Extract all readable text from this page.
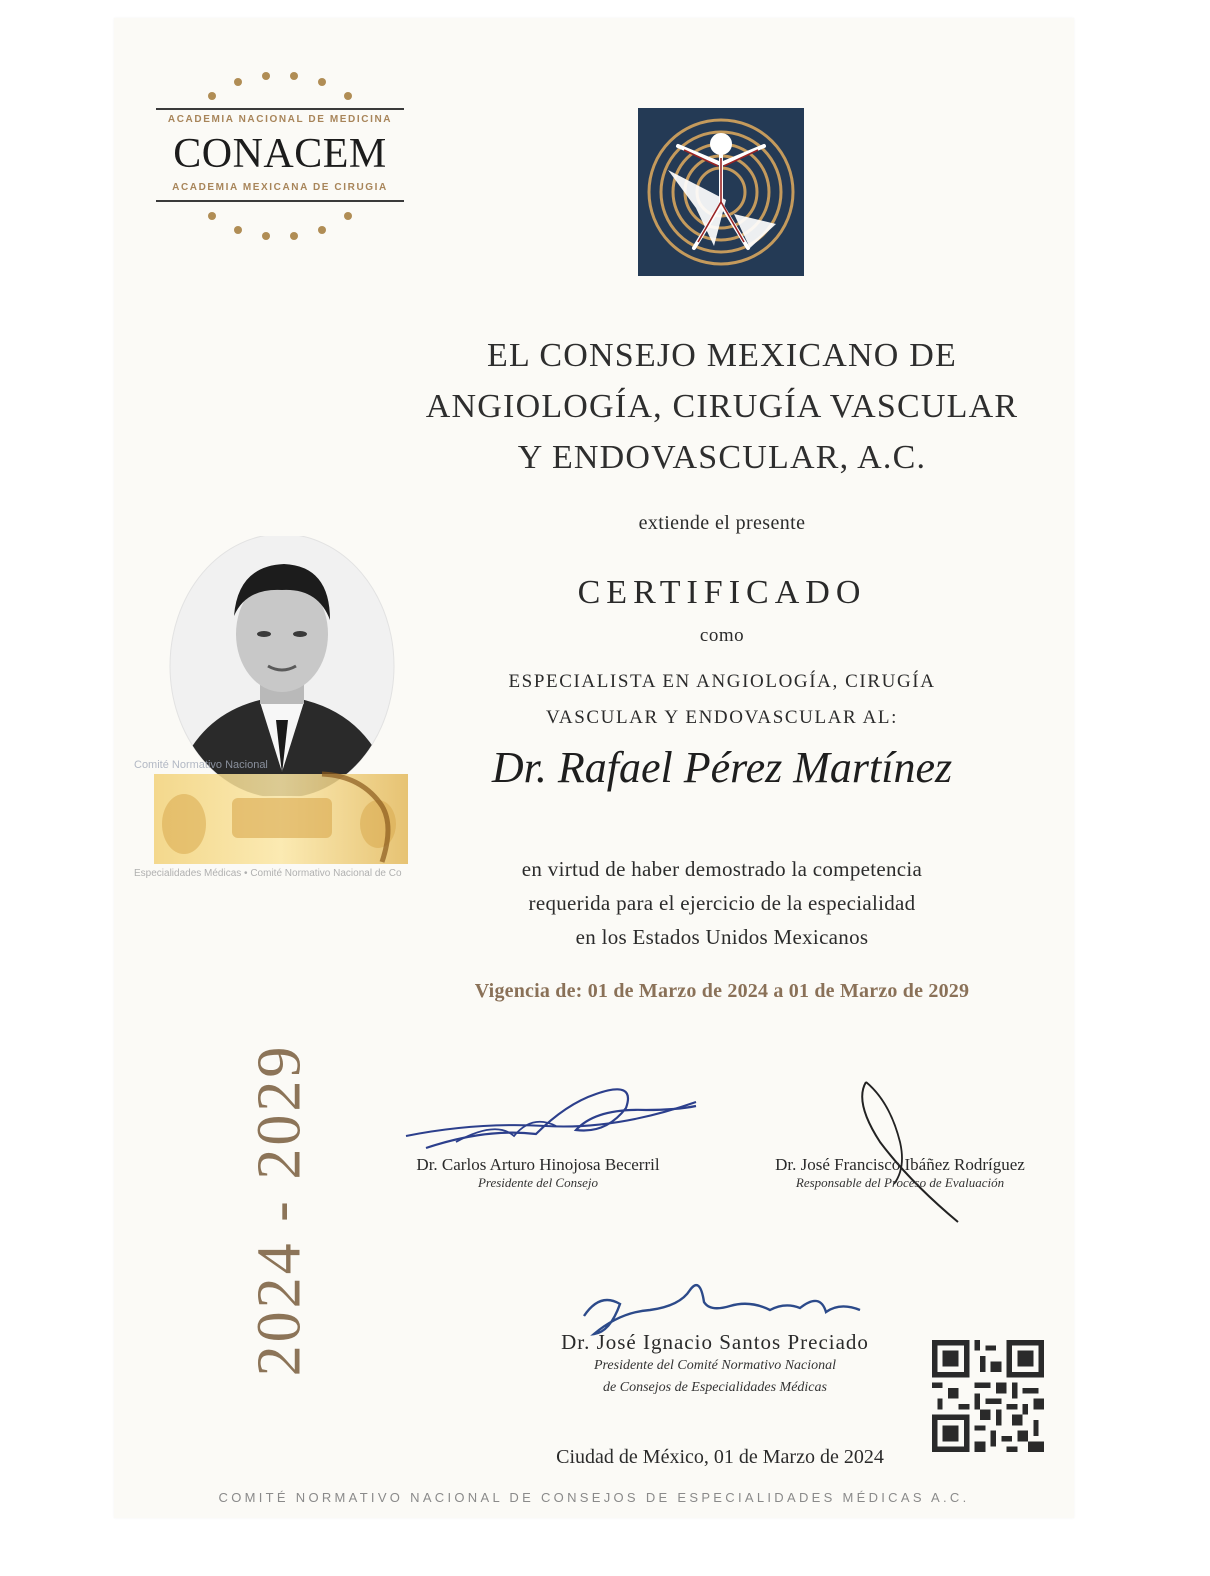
ACADEMIA NACIONAL DE MEDICINA
CONACEM
ACADEMIA MEXICANA DE CIRUGIA
Comité Normativo Nacional
Especialidades Médicas • Comité Normativo Nacional de Co
2024 - 2029
EL CONSEJO MEXICANO DE
ANGIOLOGÍA, CIRUGÍA VASCULAR
Y ENDOVASCULAR, A.C.
extiende el presente
CERTIFICADO
como
ESPECIALISTA EN ANGIOLOGÍA, CIRUGÍA
VASCULAR Y ENDOVASCULAR AL:
Dr. Rafael Pérez Martínez
en virtud de haber demostrado la competencia
requerida para el ejercicio de la especialidad
en los Estados Unidos Mexicanos
Vigencia de: 01 de Marzo de 2024 a 01 de Marzo de 2029
Dr. Carlos Arturo Hinojosa Becerril
Presidente del Consejo
Dr. José Francisco Ibáñez Rodríguez
Responsable del Proceso de Evaluación
Dr. José Ignacio Santos Preciado
Presidente del Comité Normativo Nacional
de Consejos de Especialidades Médicas
Ciudad de México, 01 de Marzo de 2024
COMITÉ NORMATIVO NACIONAL DE CONSEJOS DE ESPECIALIDADES MÉDICAS A.C.
